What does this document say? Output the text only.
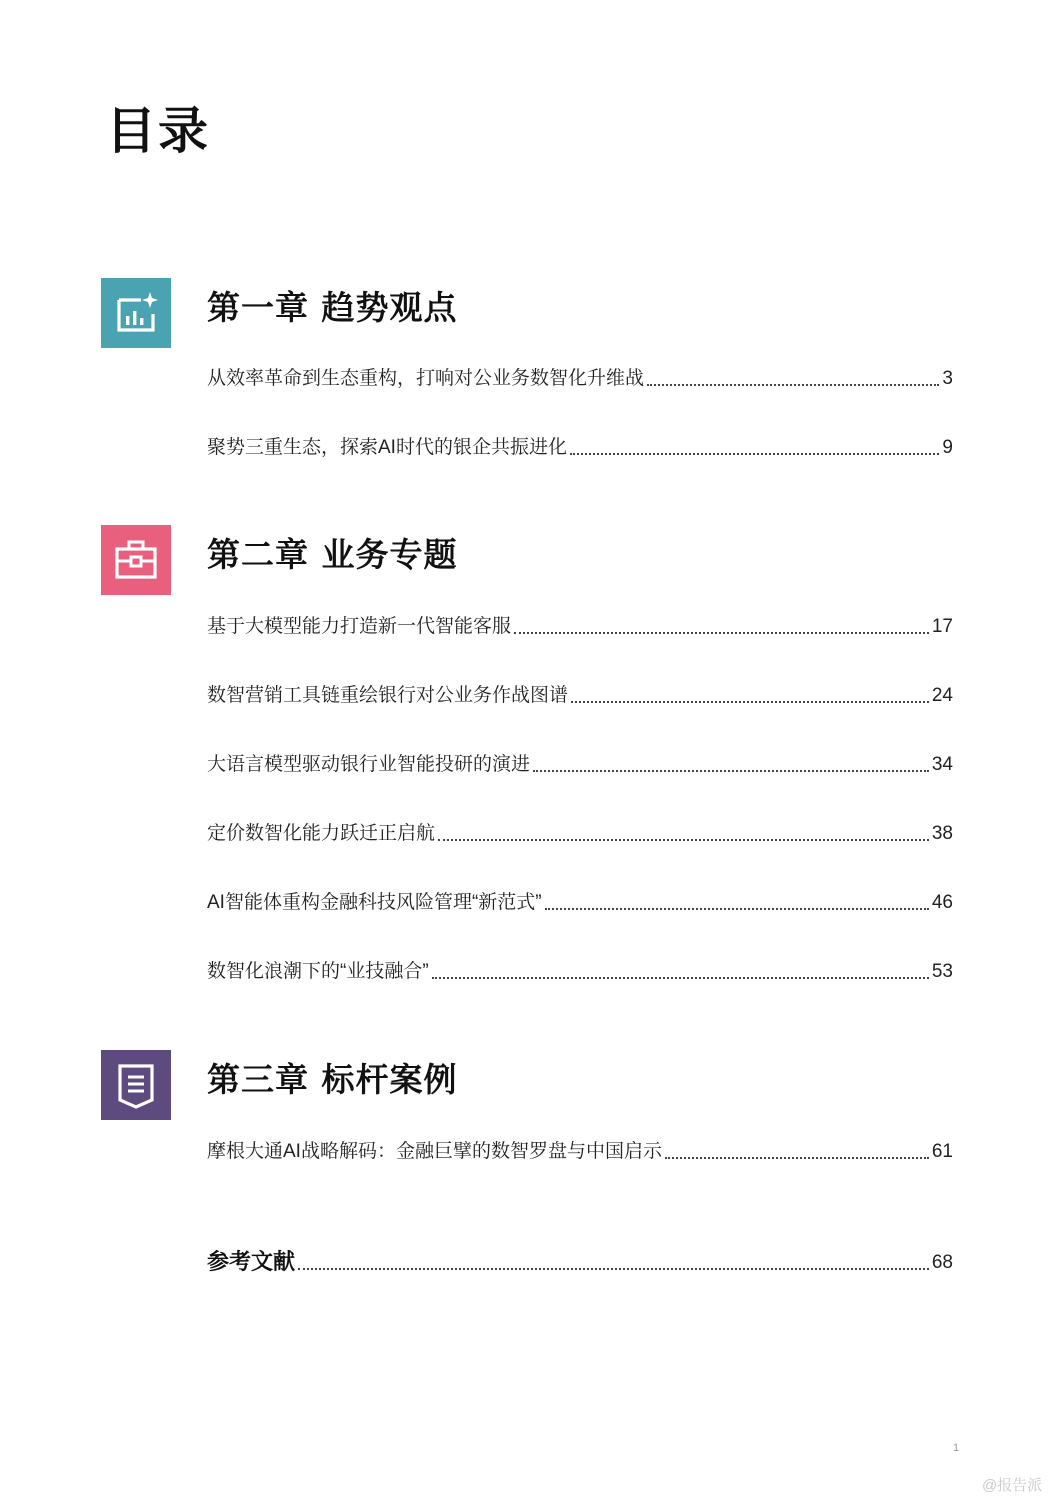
目录
第一章 趋势观点
从效率革命到生态重构，打响对公业务数智化升维战	3
聚势三重生态，探索AI时代的银企共振进化	9
第二章 业务专题
基于大模型能力打造新一代智能客服	17
数智营销工具链重绘银行对公业务作战图谱	24
大语言模型驱动银行业智能投研的演进	34
定价数智化能力跃迁正启航	38
AI智能体重构金融科技风险管理“新范式”	46
数智化浪潮下的“业技融合”	53
第三章 标杆案例
摩根大通AI战略解码：金融巨擘的数智罗盘与中国启示	61
参考文献	68
1
@报告派
